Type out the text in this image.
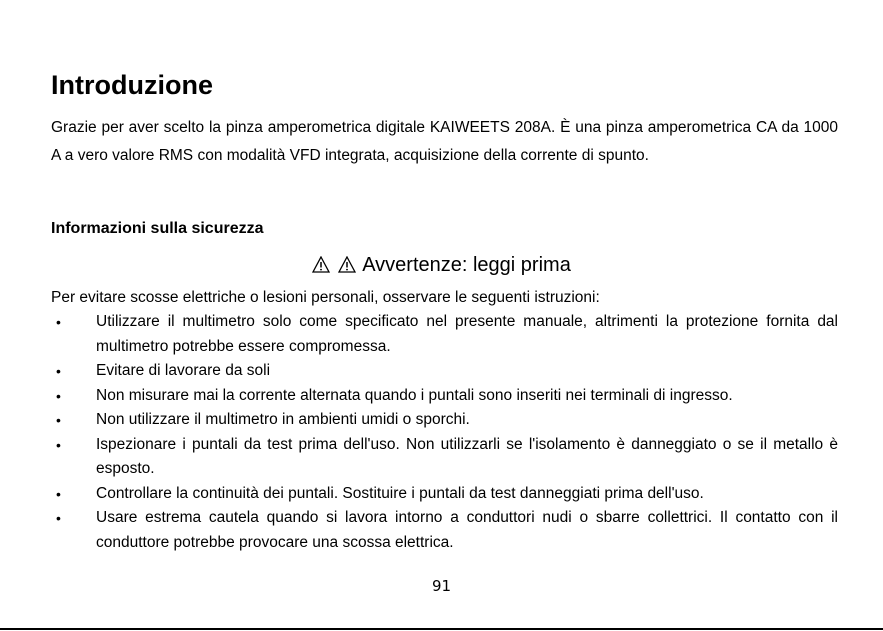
Introduzione

Grazie per aver scelto la pinza amperometrica digitale KAIWEETS 208A. È una pinza amperometrica CA da 1000 A a vero valore RMS con modalità VFD integrata, acquisizione della corrente di spunto.

Informazioni sulla sicurezza
Avvertenze: leggi prima

Per evitare scosse elettriche o lesioni personali, osservare le seguenti istruzioni:

• Utilizzare il multimetro solo come specificato nel presente manuale, altrimenti la protezione fornita dal multimetro potrebbe essere compromessa.
• Evitare di lavorare da soli
• Non misurare mai la corrente alternata quando i puntali sono inseriti nei terminali di ingresso.
• Non utilizzare il multimetro in ambienti umidi o sporchi.
• Ispezionare i puntali da test prima dell'uso. Non utilizzarli se l'isolamento è danneggiato o se il metallo è esposto.
• Controllare la continuità dei puntali. Sostituire i puntali da test danneggiati prima dell'uso.
• Usare estrema cautela quando si lavora intorno a conduttori nudi o sbarre collettrici. Il contatto con il conduttore potrebbe provocare una scossa elettrica.
91
